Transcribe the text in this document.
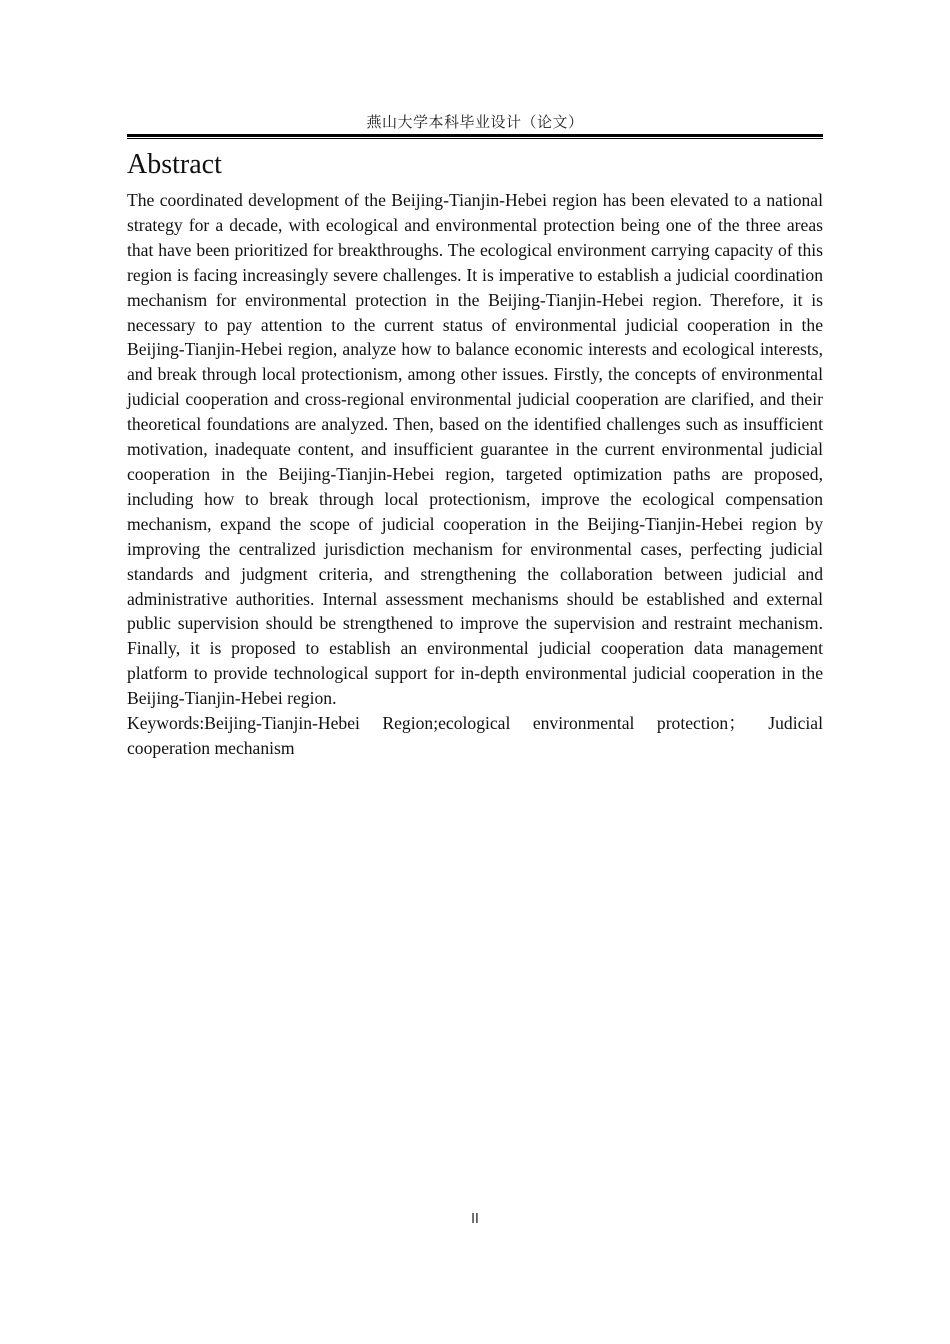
燕山大学本科毕业设计（论文）
Abstract

The coordinated development of the Beijing-Tianjin-Hebei region has been elevated to a national strategy for a decade, with ecological and environmental protection being one of the three areas that have been prioritized for breakthroughs. The ecological environment carrying capacity of this region is facing increasingly severe challenges. It is imperative to establish a judicial coordination mechanism for environmental protection in the Beijing-Tianjin-Hebei region. Therefore, it is necessary to pay attention to the current status of environmental judicial cooperation in the Beijing-Tianjin-Hebei region, analyze how to balance economic interests and ecological interests, and break through local protectionism, among other issues. Firstly, the concepts of environmental judicial cooperation and cross-regional environmental judicial cooperation are clarified, and their theoretical foundations are analyzed. Then, based on the identified challenges such as insufficient motivation, inadequate content, and insufficient guarantee in the current environmental judicial cooperation in the Beijing-Tianjin-Hebei region, targeted optimization paths are proposed, including how to break through local protectionism, improve the ecological compensation mechanism, expand the scope of judicial cooperation in the Beijing-Tianjin-Hebei region by improving the centralized jurisdiction mechanism for environmental cases, perfecting judicial standards and judgment criteria, and strengthening the collaboration between judicial and administrative authorities. Internal assessment mechanisms should be established and external public supervision should be strengthened to improve the supervision and restraint mechanism. Finally, it is proposed to establish an environmental judicial cooperation data management platform to provide technological support for in-depth environmental judicial cooperation in the Beijing-Tianjin-Hebei region.

Keywords:Beijing-Tianjin-Hebei Region;ecological environmental protection； Judicial cooperation mechanism

II
